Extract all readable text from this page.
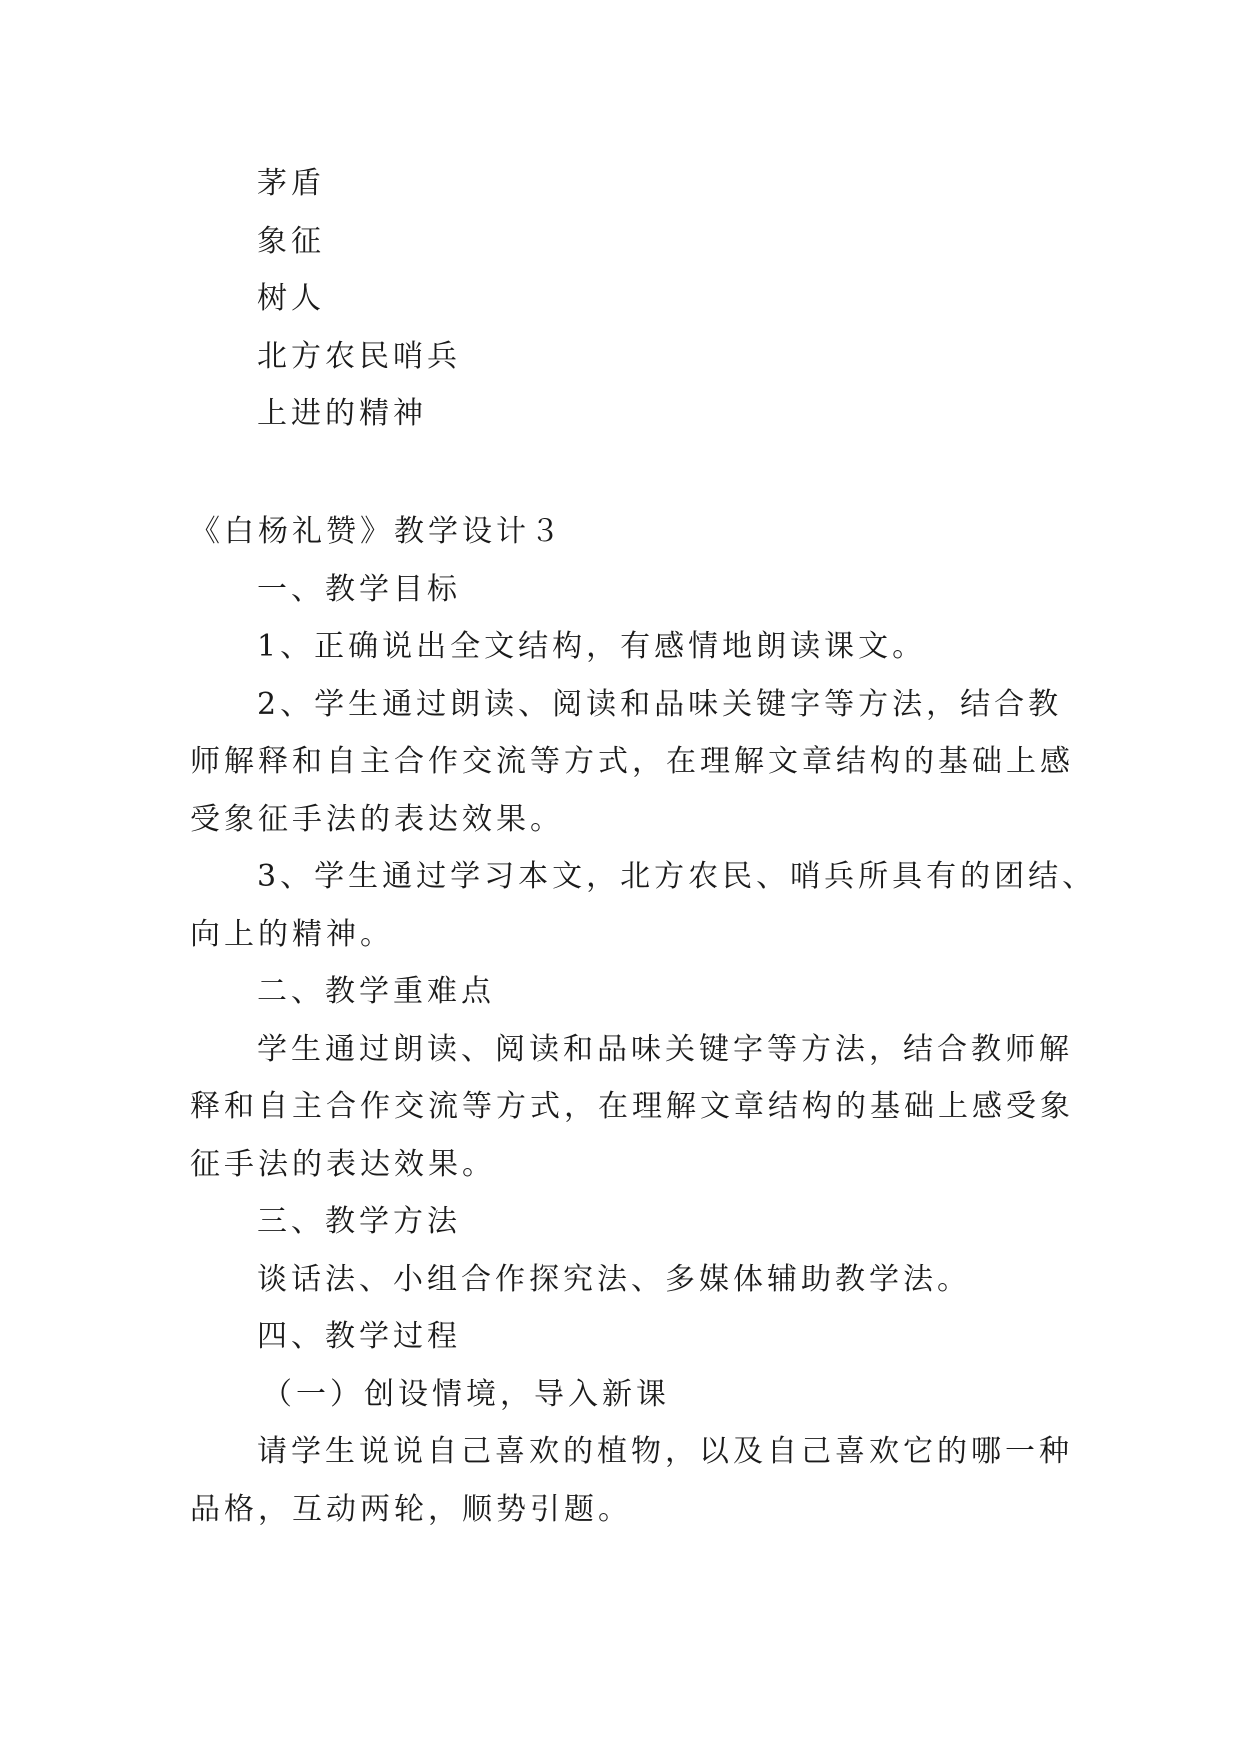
茅盾
象征
树人
北方农民哨兵
上进的精神
《白杨礼赞》教学设计３
一、教学目标
1、正确说出全文结构，有感情地朗读课文。
2、学生通过朗读、阅读和品味关键字等方法，结合教
师解释和自主合作交流等方式，在理解文章结构的基础上感
受象征手法的表达效果。
3、学生通过学习本文，北方农民、哨兵所具有的团结、
向上的精神。
二、教学重难点
学生通过朗读、阅读和品味关键字等方法，结合教师解
释和自主合作交流等方式，在理解文章结构的基础上感受象
征手法的表达效果。
三、教学方法
谈话法、小组合作探究法、多媒体辅助教学法。
四、教学过程
（一）创设情境，导入新课
请学生说说自己喜欢的植物，以及自己喜欢它的哪一种
品格，互动两轮，顺势引题。
